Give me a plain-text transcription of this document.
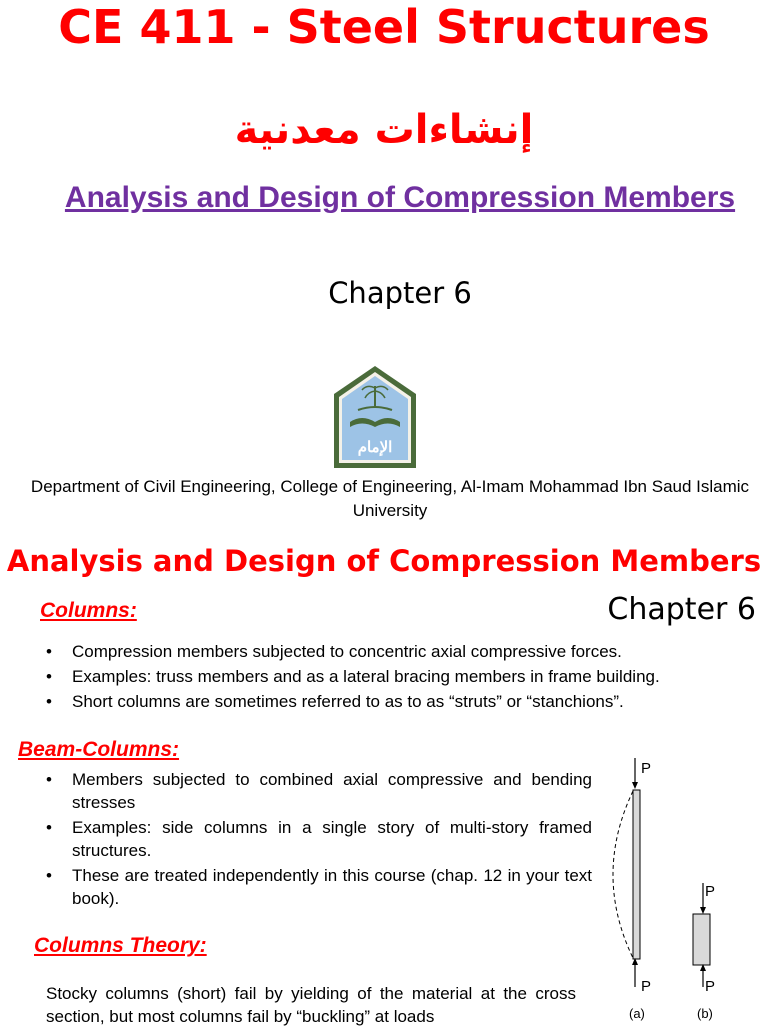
CE 411 - Steel Structures
إنشاءات معدنية
Analysis and Design of Compression Members
Chapter 6
الإمام
Department of Civil Engineering, College of Engineering, Al-Imam Mohammad Ibn Saud Islamic University
Analysis and Design of Compression Members
Columns:	Chapter 6
• Compression members subjected to concentric axial compressive forces.
• Examples: truss members and as a lateral bracing members in frame building.
• Short columns are sometimes referred to as to as “struts” or “stanchions”.
Beam-Columns:
• Members subjected to combined axial compressive and bending stresses
• Examples: side columns in a single story of multi-story framed structures.
• These are treated independently in this course (chap. 12 in your text book).
Columns Theory:
Stocky columns (short) fail by yielding of the material at the cross section, but most columns fail by “buckling” at loads
P
P
(a)
P
P
(b)
